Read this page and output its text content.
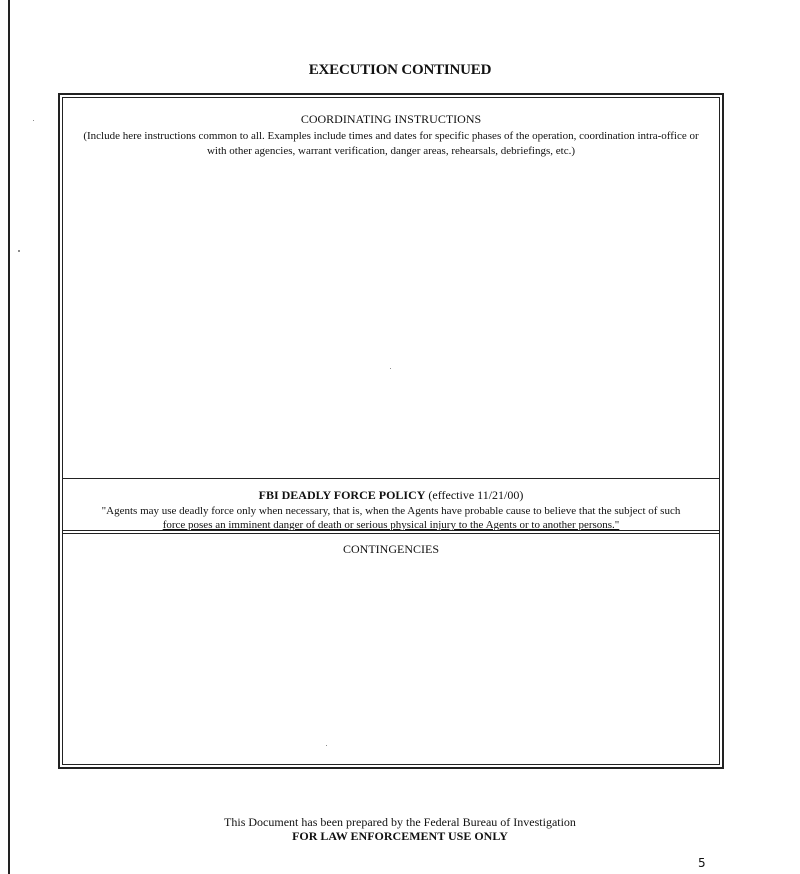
EXECUTION CONTINUED
COORDINATING INSTRUCTIONS
(Include here instructions common to all. Examples include times and dates for specific phases of the operation, coordination intra-office or with other agencies, warrant verification, danger areas, rehearsals, debriefings, etc.)
FBI DEADLY FORCE POLICY (effective 11/21/00)
"Agents may use deadly force only when necessary, that is, when the Agents have probable cause to believe that the subject of such
force poses an imminent danger of death or serious physical injury to the Agents or to another persons."
CONTINGENCIES
This Document has been prepared by the Federal Bureau of Investigation
FOR LAW ENFORCEMENT USE ONLY
5
